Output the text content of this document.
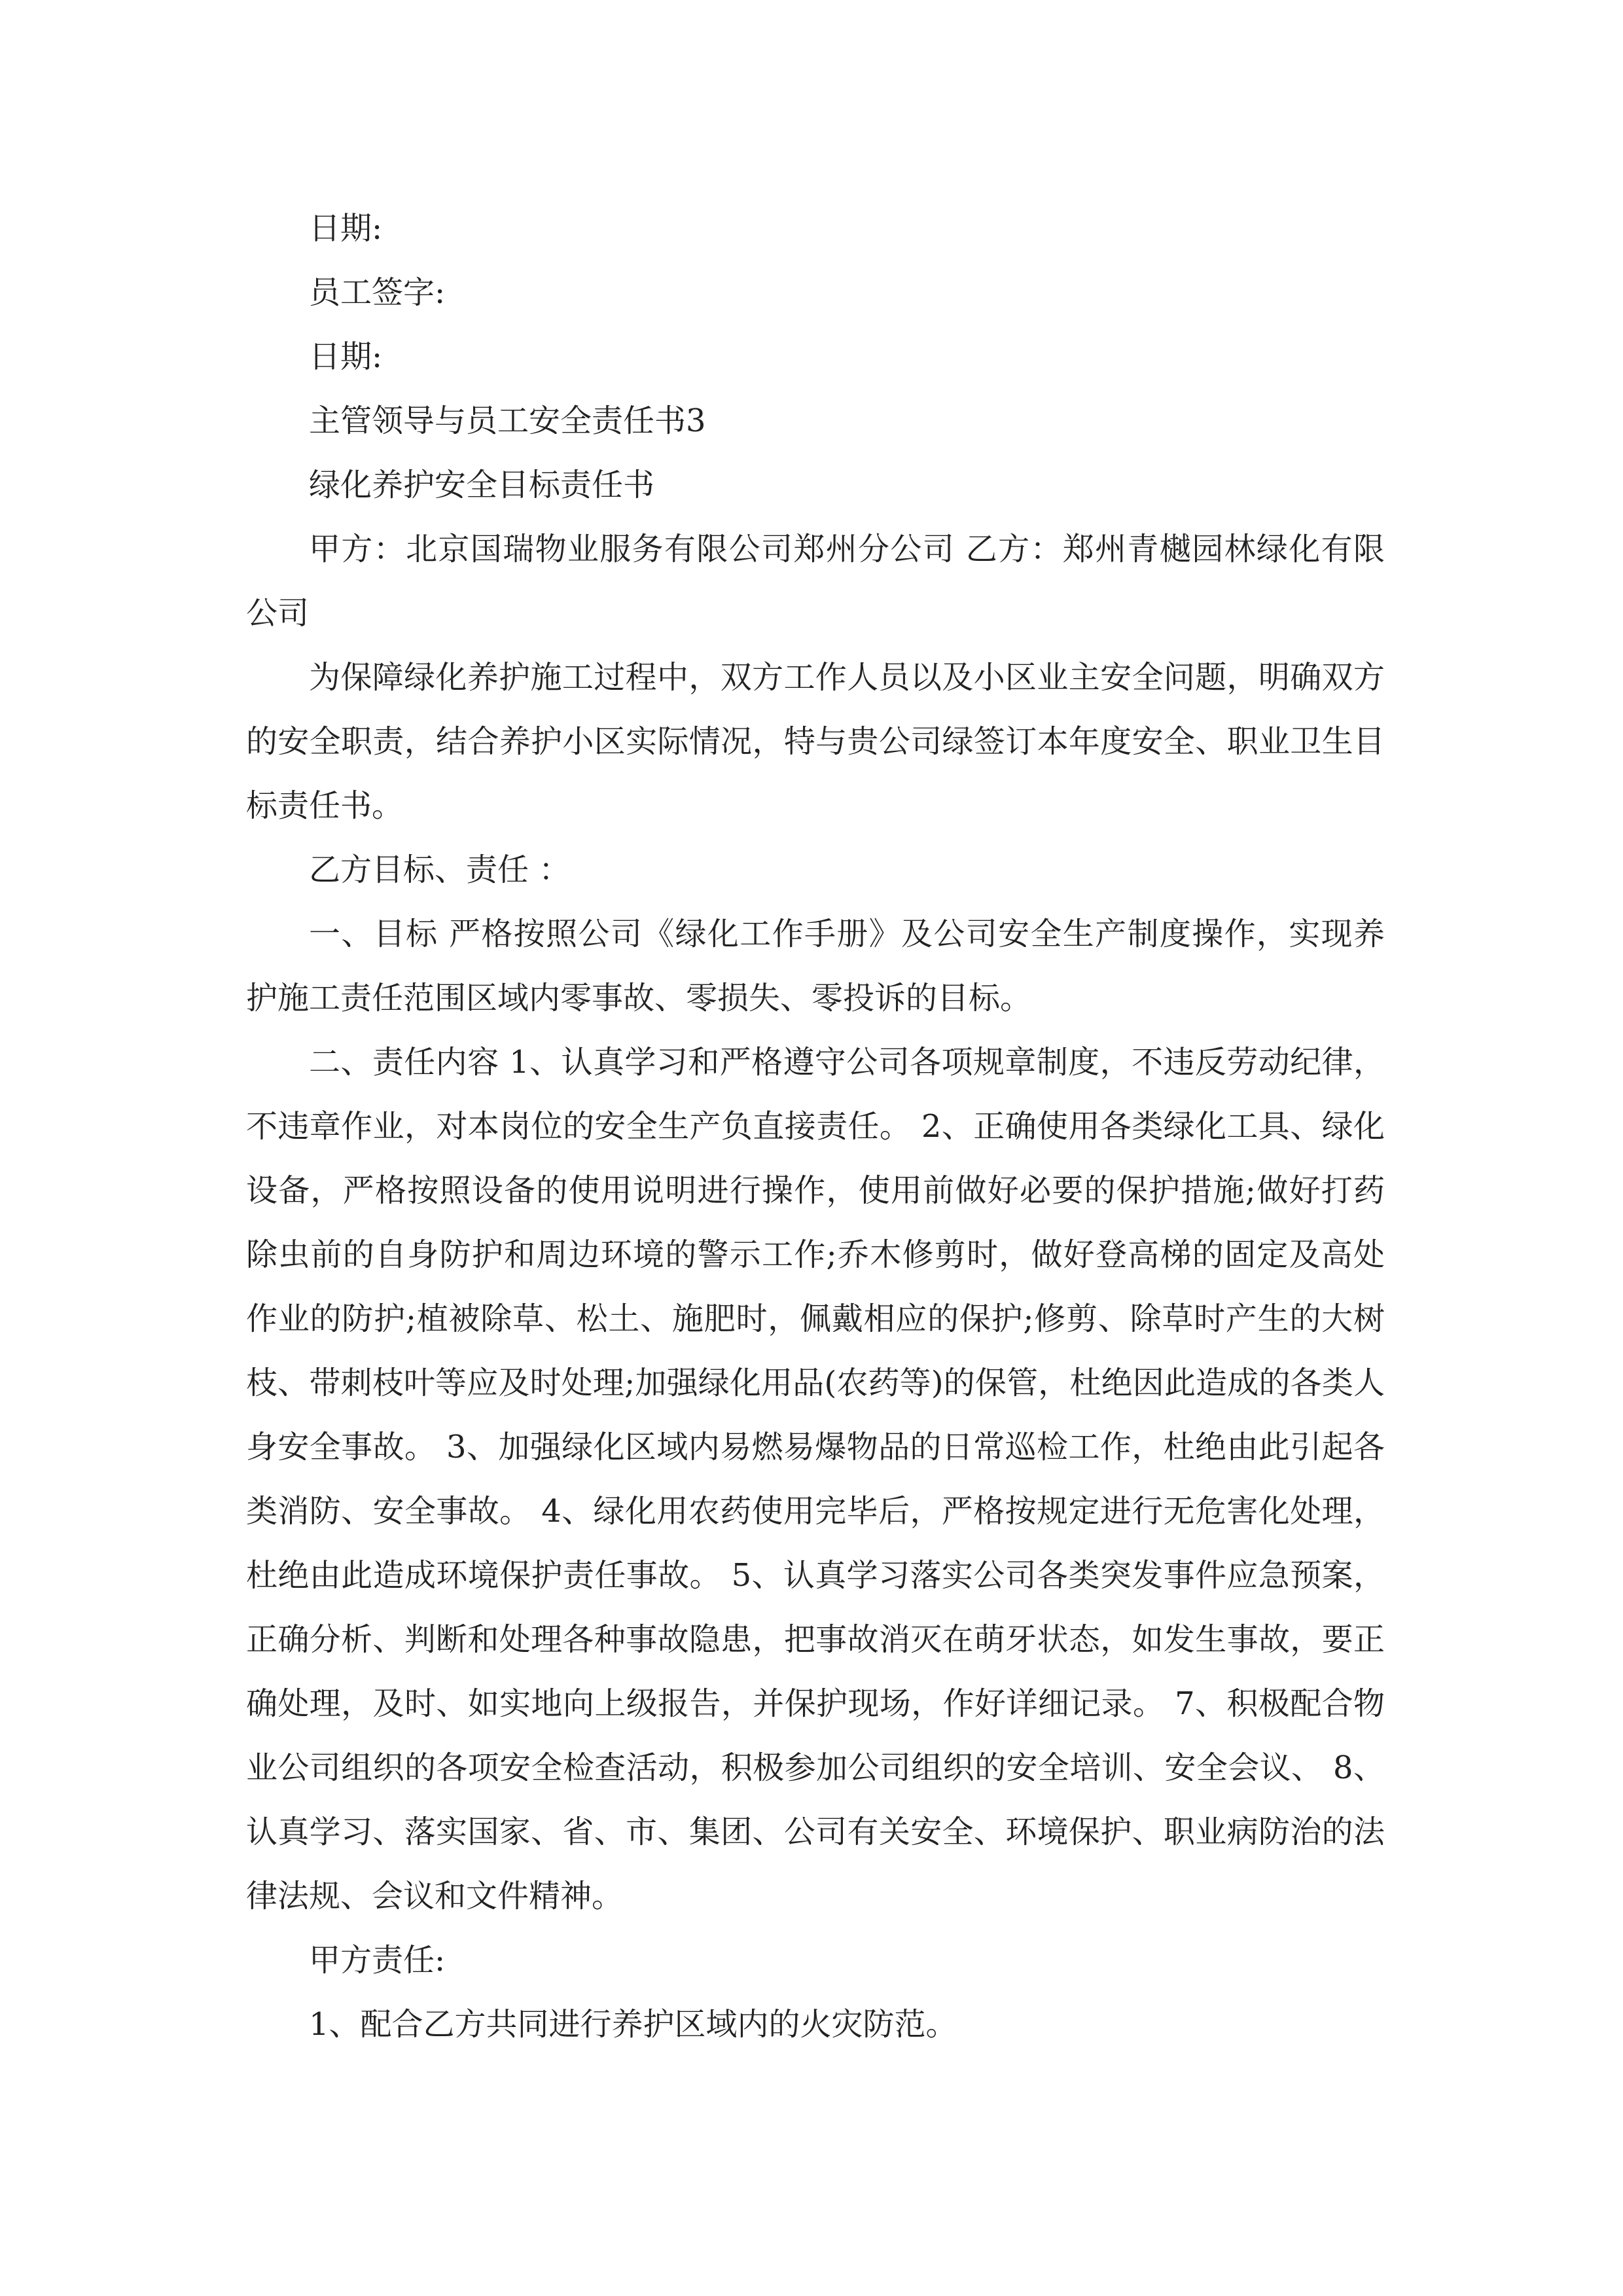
日期:

员工签字:

日期:

主管领导与员工安全责任书3

绿化养护安全目标责任书

甲方：北京国瑞物业服务有限公司郑州分公司 乙方：郑州青樾园林绿化有限公司

为保障绿化养护施工过程中，双方工作人员以及小区业主安全问题，明确双方的安全职责，结合养护小区实际情况，特与贵公司绿签订本年度安全、职业卫生目标责任书。

乙方目标、责任 ：

一、目标 严格按照公司《绿化工作手册》及公司安全生产制度操作，实现养护施工责任范围区域内零事故、零损失、零投诉的目标。

二、责任内容 1、认真学习和严格遵守公司各项规章制度，不违反劳动纪律，不违章作业，对本岗位的安全生产负直接责任。 2、正确使用各类绿化工具、绿化设备，严格按照设备的使用说明进行操作，使用前做好必要的保护措施;做好打药除虫前的自身防护和周边环境的警示工作;乔木修剪时，做好登高梯的固定及高处作业的防护;植被除草、松土、施肥时，佩戴相应的保护;修剪、除草时产生的大树枝、带刺枝叶等应及时处理;加强绿化用品(农药等)的保管，杜绝因此造成的各类人身安全事故。 3、加强绿化区域内易燃易爆物品的日常巡检工作，杜绝由此引起各类消防、安全事故。 4、绿化用农药使用完毕后，严格按规定进行无危害化处理，杜绝由此造成环境保护责任事故。 5、认真学习落实公司各类突发事件应急预案，正确分析、判断和处理各种事故隐患，把事故消灭在萌牙状态，如发生事故，要正确处理，及时、如实地向上级报告，并保护现场，作好详细记录。 7、积极配合物业公司组织的各项安全检查活动，积极参加公司组织的安全培训、安全会议、 8、认真学习、落实国家、省、市、集团、公司有关安全、环境保护、职业病防治的法律法规、会议和文件精神。

甲方责任:

1、配合乙方共同进行养护区域内的火灾防范。
